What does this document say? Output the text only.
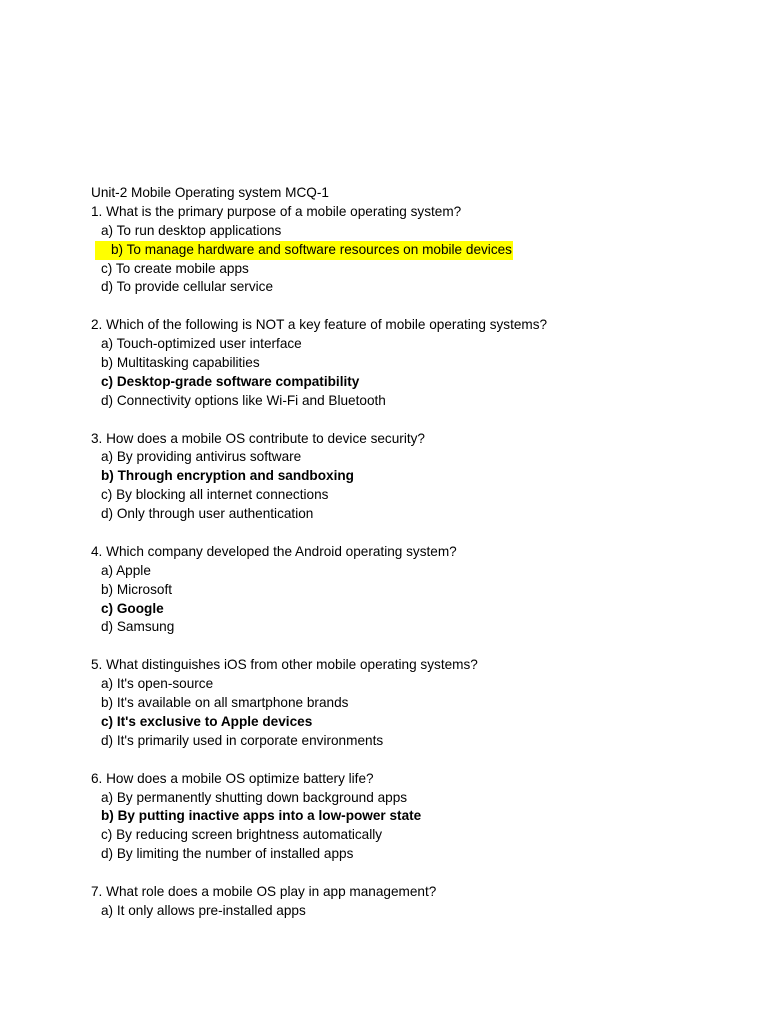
Unit-2 Mobile Operating system MCQ-1
1. What is the primary purpose of a mobile operating system?
a) To run desktop applications
b) To manage hardware and software resources on mobile devices
c) To create mobile apps
d) To provide cellular service
2. Which of the following is NOT a key feature of mobile operating systems?
a) Touch-optimized user interface
b) Multitasking capabilities
c) Desktop-grade software compatibility
d) Connectivity options like Wi-Fi and Bluetooth
3. How does a mobile OS contribute to device security?
a) By providing antivirus software
b) Through encryption and sandboxing
c) By blocking all internet connections
d) Only through user authentication
4. Which company developed the Android operating system?
a) Apple
b) Microsoft
c) Google
d) Samsung
5. What distinguishes iOS from other mobile operating systems?
a) It's open-source
b) It's available on all smartphone brands
c) It's exclusive to Apple devices
d) It's primarily used in corporate environments
6. How does a mobile OS optimize battery life?
a) By permanently shutting down background apps
b) By putting inactive apps into a low-power state
c) By reducing screen brightness automatically
d) By limiting the number of installed apps
7. What role does a mobile OS play in app management?
a) It only allows pre-installed apps
